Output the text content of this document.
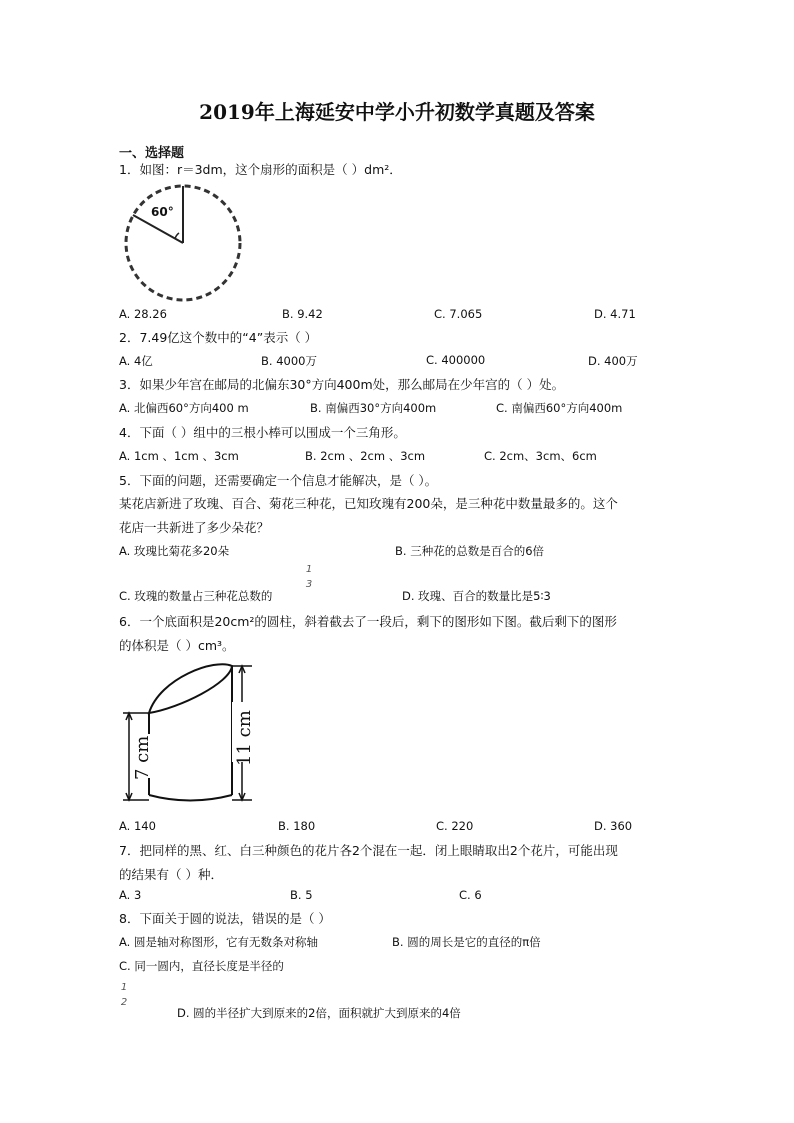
2019年上海延安中学小升初数学真题及答案
一、选择题
1．如图：r＝3dm，这个扇形的面积是（ ）dm²．
60°
A. 28.26	B. 9.42	C. 7.065	D. 4.71
2．7.49亿这个数中的“4”表示（ ）
A. 4亿	B. 4000万	C. 400000	D. 400万
3．如果少年宫在邮局的北偏东30°方向400m处，那么邮局在少年宫的（ ）处。
A. 北偏西60°方向400 m	B. 南偏西30°方向400m	C. 南偏西60°方向400m
4．下面（ ）组中的三根小棒可以围成一个三角形。
A. 1cm 、1cm 、3cm	B. 2cm 、2cm 、3cm	C. 2cm、3cm、6cm
5．下面的问题，还需要确定一个信息才能解决，是（ ）。
某花店新进了玫瑰、百合、菊花三种花，已知玫瑰有200朵，是三种花中数量最多的。这个
花店一共新进了多少朵花？
A. 玫瑰比菊花多20朵	B. 三种花的总数是百合的6倍
C. 玫瑰的数量占三种花总数的
1
3
D. 玫瑰、百合的数量比是5∶3
6．一个底面积是20cm²的圆柱，斜着截去了一段后，剩下的图形如下图。截后剩下的图形
的体积是（ ）cm³。
7 cm	11 cm
A. 140	B. 180	C. 220	D. 360
7．把同样的黑、红、白三种颜色的花片各2个混在一起．闭上眼睛取出2个花片，可能出现
的结果有（ ）种．
A. 3	B. 5	C. 6
8．下面关于圆的说法，错误的是（ ）
A. 圆是轴对称图形，它有无数条对称轴	B. 圆的周长是它的直径的π倍
C. 同一圆内，直径长度是半径的
1
2
D. 圆的半径扩大到原来的2倍，面积就扩大到原来的4倍
